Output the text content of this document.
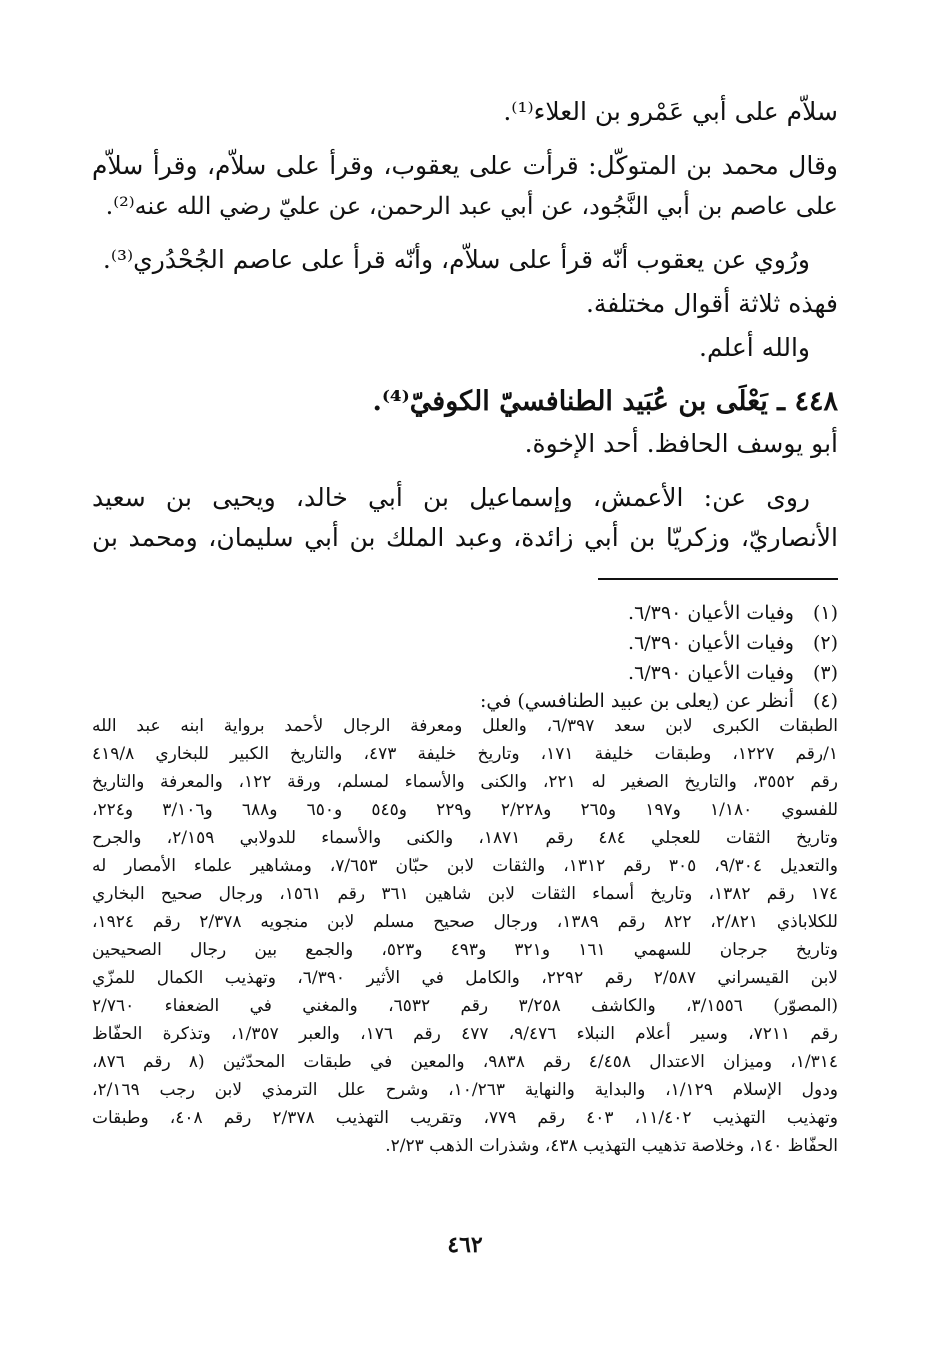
سلاّم على أبي عَمْرو بن العلاء⁽¹⁾.
وقال محمد بن المتوكّل: قرأت على يعقوب، وقرأ على سلاّم، وقرأ سلاّم
على عاصم بن أبي النَّجُود، عن أبي عبد الرحمن، عن عليّ رضي الله عنه⁽²⁾.
ورُوي عن يعقوب أنّه قرأ على سلاّم، وأنّه قرأ على عاصم الجُحْدُري⁽³⁾.
فهذه ثلاثة أقوال مختلفة.
والله أعلم.
٤٤٨ ـ يَعْلَى بن عُبَيد الطنافسيّ الكوفيّ⁽⁴⁾.
أبو يوسف الحافظ. أحد الإخوة.
روى عن: الأعمش، وإسماعيل بن أبي خالد، ويحيى بن سعيد
الأنصاريّ، وزكريّا بن أبي زائدة، وعبد الملك بن أبي سليمان، ومحمد بن
(١)
وفيات الأعيان ٦/٣٩٠.
(٢)
وفيات الأعيان ٦/٣٩٠.
(٣)
وفيات الأعيان ٦/٣٩٠.
(٤)
أنظر عن (يعلى بن عبيد الطنافسي) في:
الطبقات الكبرى لابن سعد ٦/٣٩٧، والعلل ومعرفة الرجال لأحمد برواية ابنه عبد الله
١/رقم ١٢٢٧، وطبقات خليفة ١٧١، وتاريخ خليفة ٤٧٣، والتاريخ الكبير للبخاري ٤١٩/٨
رقم ٣٥٥٢، والتاريخ الصغير له ٢٢١، والكنى والأسماء لمسلم، ورقة ١٢٢، والمعرفة والتاريخ
للفسوي ١/١٨٠ و١٩٧ و٢٦٥ و٢/٢٢٨ و٢٢٩ و٥٤٥ و٦٥٠ و٦٨٨ و٣/١٠٦ و٢٢٤،
وتاريخ الثقات للعجلي ٤٨٤ رقم ١٨٧١، والكنى والأسماء للدولابي ٢/١٥٩، والجرح
والتعديل ٩/٣٠٤، ٣٠٥ رقم ١٣١٢، والثقات لابن حبّان ٧/٦٥٣، ومشاهير علماء الأمصار له
١٧٤ رقم ١٣٨٢، وتاريخ أسماء الثقات لابن شاهين ٣٦١ رقم ١٥٦١، ورجال صحيح البخاري
للكلاباذي ٢/٨٢١، ٨٢٢ رقم ١٣٨٩، ورجال صحيح مسلم لابن منجويه ٢/٣٧٨ رقم ١٩٢٤،
وتاريخ جرجان للسهمي ١٦١ و٣٢١ و٤٩٣ و٥٢٣، والجمع بين رجال الصحيحين
لابن القيسراني ٢/٥٨٧ رقم ٢٢٩٢، والكامل في الأثير ٦/٣٩٠، وتهذيب الكمال للمزّي
(المصوّر) ٣/١٥٥٦، والكاشف ٣/٢٥٨ رقم ٦٥٣٢، والمغني في الضعفاء ٢/٧٦٠
رقم ٧٢١١، وسير أعلام النبلاء ٩/٤٧٦، ٤٧٧ رقم ١٧٦، والعبر ١/٣٥٧، وتذكرة الحفّاظ
١/٣١٤، وميزان الاعتدال ٤/٤٥٨ رقم ٩٨٣٨، والمعين في طبقات المحدّثين (٨ رقم ٨٧٦،
ودول الإسلام ١/١٢٩، والبداية والنهاية ١٠/٢٦٣، وشرح علل الترمذي لابن رجب ٢/١٦٩،
وتهذيب التهذيب ١١/٤٠٢، ٤٠٣ رقم ٧٧٩، وتقريب التهذيب ٢/٣٧٨ رقم ٤٠٨، وطبقات
الحفّاظ ١٤٠، وخلاصة تذهيب التهذيب ٤٣٨، وشذرات الذهب ٢/٢٣.
٤٦٢
